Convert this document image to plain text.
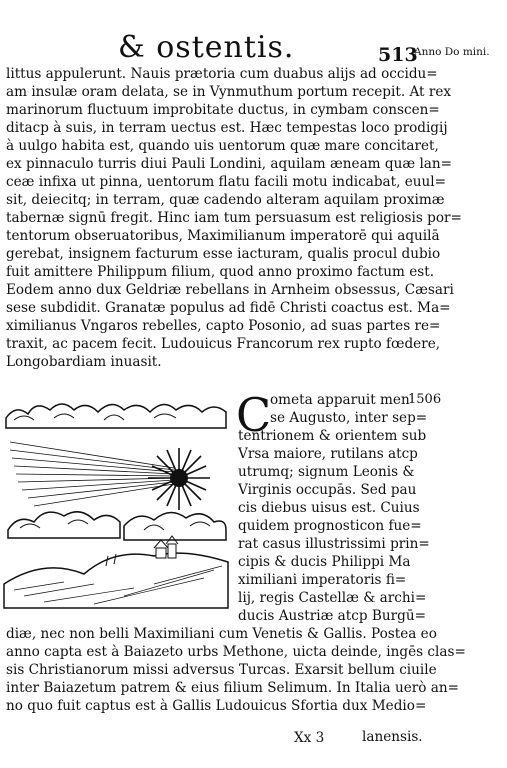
& ostentis.	513
Anno Do mini.
littus appulerunt. Nauis prætoria cum duabus alijs ad occidu=
am insulæ oram delata, se in Vynmuthum portum recepit. At rex
marinorum fluctuum improbitate ductus, in cymbam conscen=
ditacp à suis, in terram uectus est. Hæc tempestas loco prodigij
à uulgo habita est, quando uis uentorum quæ mare concitaret,
ex pinnaculo turris diui Pauli Londini, aquilam æneam quæ lan=
ceæ infixa ut pinna, uentorum flatu facili motu indicabat, euul=
sit, deiecitq; in terram, quæ cadendo alteram aquilam proximæ
tabernæ signū fregit. Hinc iam tum persuasum est religiosis por=
tentorum obseruatoribus, Maximilianum imperatorē qui aquilā
gerebat, insignem facturum esse iacturam, qualis procul dubio
fuit amittere Philippum filium, quod anno proximo factum est.
Eodem anno dux Geldriæ rebellans in Arnheim obsessus, Cæsari
sese subdidit. Granatæ populus ad fidē Christi coactus est. Ma=
ximilianus Vngaros rebelles, capto Posonio, ad suas partes re=
traxit, ac pacem fecit. Ludouicus Francorum rex rupto fœdere,
Longobardiam inuasit.
C	1506
ometa apparuit men
se Augusto, inter sep=
tentrionem & orientem sub
Vrsa maiore, rutilans atcp
utrumq; signum Leonis &
Virginis occupās. Sed pau
cis diebus uisus est. Cuius
quidem prognosticon fue=
rat casus illustrissimi prin=
cipis & ducis Philippi Ma
ximiliani imperatoris fi=
lij, regis Castellæ & archi=
ducis Austriæ atcp Burgū=
diæ, nec non belli Maximiliani cum Venetis & Gallis. Postea eo
anno capta est à Baiazeto urbs Methone, uicta deinde, ingēs clas=
sis Christianorum missi adversus Turcas. Exarsit bellum ciuile
inter Baiazetum patrem & eius filium Selimum. In Italia uerò an=
no quo fuit captus est à Gallis Ludouicus Sfortia dux Medio=
Xx 3	lanensis.
